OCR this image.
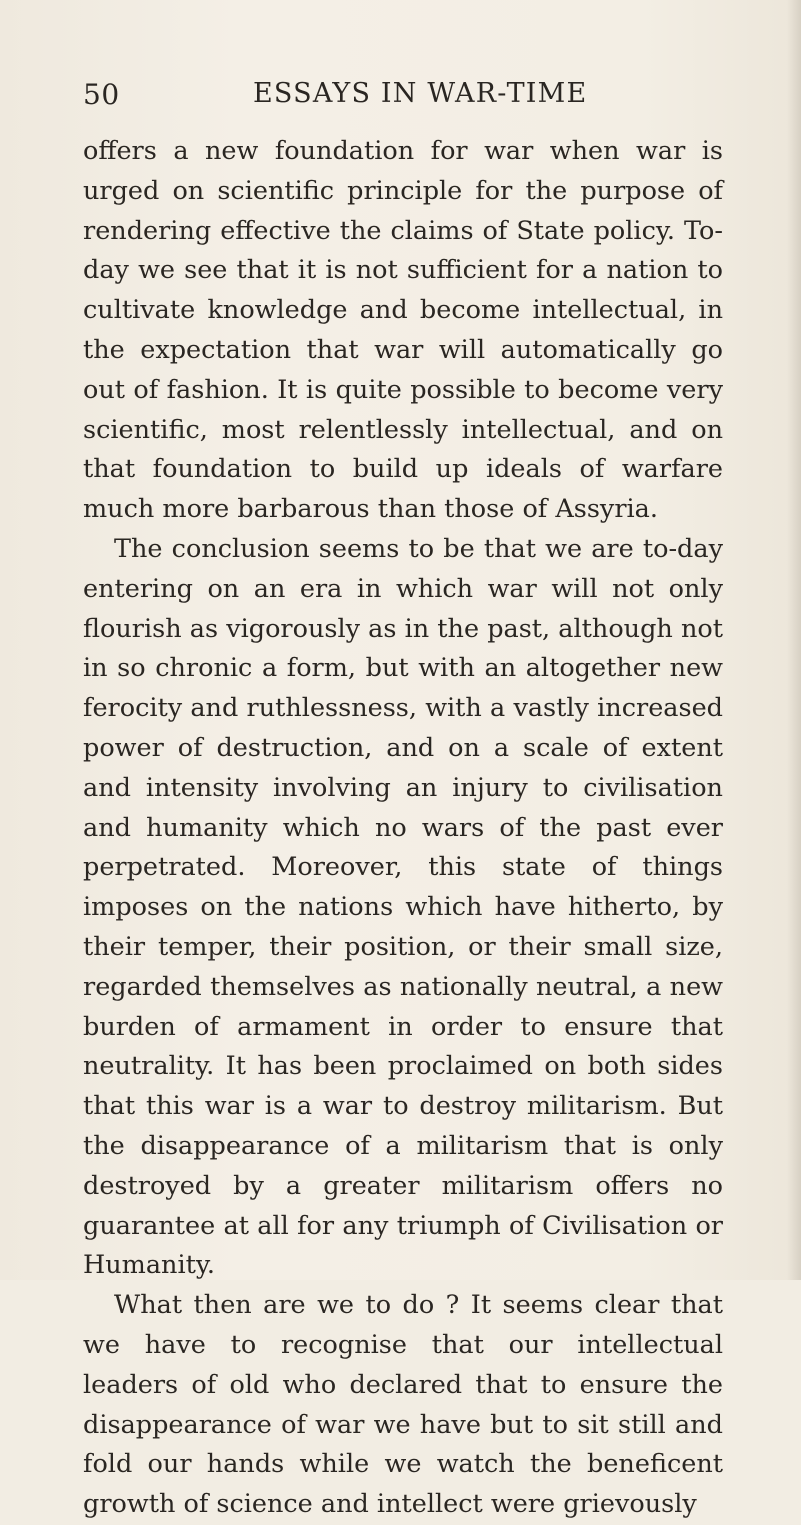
50	ESSAYS IN WAR-TIME

offers a new foundation for war when war is urged on scientific principle for the purpose of rendering effective the claims of State policy. To-day we see that it is not sufficient for a nation to cultivate knowledge and become intellectual, in the expectation that war will automatically go out of fashion. It is quite possible to become very scientific, most relentlessly intellectual, and on that foundation to build up ideals of warfare much more barbarous than those of Assyria.

The conclusion seems to be that we are to-day entering on an era in which war will not only flourish as vigorously as in the past, although not in so chronic a form, but with an altogether new ferocity and ruthlessness, with a vastly increased power of destruction, and on a scale of extent and intensity involving an injury to civilisation and humanity which no wars of the past ever perpetrated. Moreover, this state of things imposes on the nations which have hitherto, by their temper, their position, or their small size, regarded themselves as nationally neutral, a new burden of armament in order to ensure that neutrality. It has been proclaimed on both sides that this war is a war to destroy militarism. But the disappearance of a militarism that is only destroyed by a greater militarism offers no guarantee at all for any triumph of Civilisation or Humanity.

What then are we to do ? It seems clear that we have to recognise that our intellectual leaders of old who declared that to ensure the disappearance of war we have but to sit still and fold our hands while we watch the beneficent growth of science and intellect were grievously
